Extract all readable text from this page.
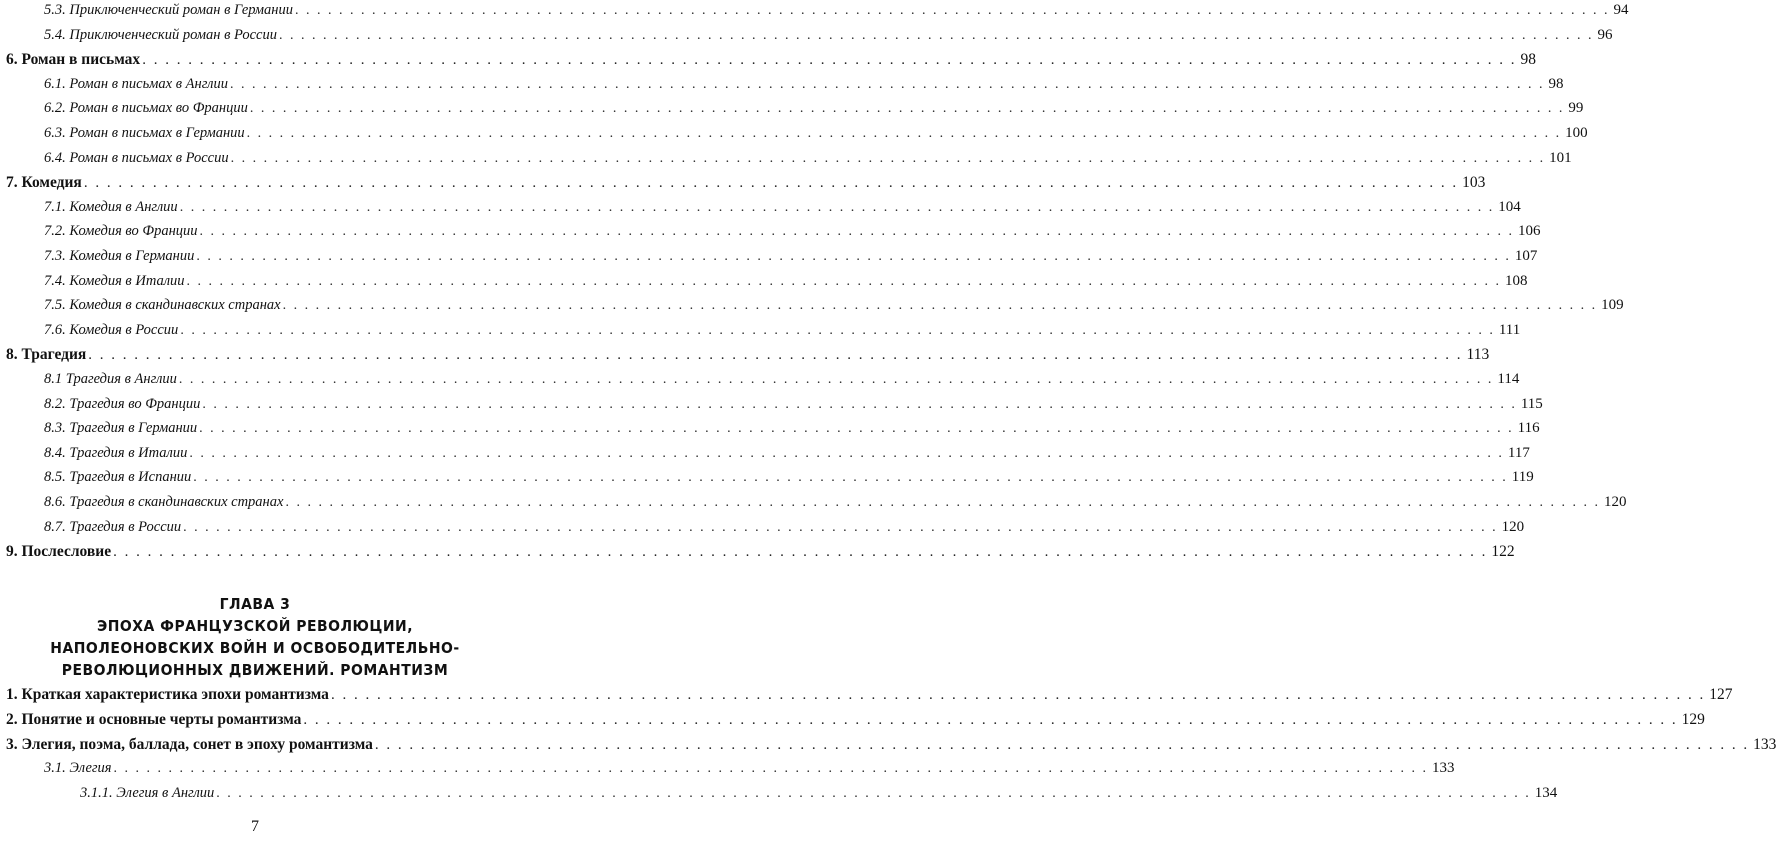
5.3. Приключенческий роман в Германии . . . . . . . . . . . . . . . . . . . . . . . . . . . . . . . . . . . . . . . . . . . . . . . . . . . . . . . . . . . . . . . . . . . . . . . . . . . . . . . . . . . . . . . . . . . . . . . . . . . . . . . . . . . . . . . . . . . . . . . . 94
5.4. Приключенческий роман в России . . . . . . . . . . . . . . . . . . . . . . . . . . . . . . . . . . . . . . . . . . . . . . . . . . . . . . . . . . . . . . . . . . . . . . . . . . . . . . . . . . . . . . . . . . . . . . . . . . . . . . . . . . . . . . . . . . . . . . . . 96
6. Роман в письмах . . . . . . . . . . . . . . . . . . . . . . . . . . . . . . . . . . . . . . . . . . . . . . . . . . . . . . . . . . . . . . . . . . . . . . . . . . . . . . . . . . . . . . . . . . . . . . . . . . . . . . . . . . . . . . . . . . . . . . . . 98
6.1. Роман в письмах в Англии . . . . . . . . . . . . . . . . . . . . . . . . . . . . . . . . . . . . . . . . . . . . . . . . . . . . . . . . . . . . . . . . . . . . . . . . . . . . . . . . . . . . . . . . . . . . . . . . . . . . . . . . . . . . . . . . . . . . . . . . 98
6.2. Роман в письмах во Франции . . . . . . . . . . . . . . . . . . . . . . . . . . . . . . . . . . . . . . . . . . . . . . . . . . . . . . . . . . . . . . . . . . . . . . . . . . . . . . . . . . . . . . . . . . . . . . . . . . . . . . . . . . . . . . . . . . . . . . . . 99
6.3. Роман в письмах в Германии . . . . . . . . . . . . . . . . . . . . . . . . . . . . . . . . . . . . . . . . . . . . . . . . . . . . . . . . . . . . . . . . . . . . . . . . . . . . . . . . . . . . . . . . . . . . . . . . . . . . . . . . . . . . . . . . . . . . . . . . 100
6.4. Роман в письмах в России . . . . . . . . . . . . . . . . . . . . . . . . . . . . . . . . . . . . . . . . . . . . . . . . . . . . . . . . . . . . . . . . . . . . . . . . . . . . . . . . . . . . . . . . . . . . . . . . . . . . . . . . . . . . . . . . . . . . . . . . 101
7. Комедия . . . . . . . . . . . . . . . . . . . . . . . . . . . . . . . . . . . . . . . . . . . . . . . . . . . . . . . . . . . . . . . . . . . . . . . . . . . . . . . . . . . . . . . . . . . . . . . . . . . . . . . . . . . . . . . . . . . . . . . . 103
7.1. Комедия в Англии . . . . . . . . . . . . . . . . . . . . . . . . . . . . . . . . . . . . . . . . . . . . . . . . . . . . . . . . . . . . . . . . . . . . . . . . . . . . . . . . . . . . . . . . . . . . . . . . . . . . . . . . . . . . . . . . . . . . . . . . 104
7.2. Комедия во Франции . . . . . . . . . . . . . . . . . . . . . . . . . . . . . . . . . . . . . . . . . . . . . . . . . . . . . . . . . . . . . . . . . . . . . . . . . . . . . . . . . . . . . . . . . . . . . . . . . . . . . . . . . . . . . . . . . . . . . . . . 106
7.3. Комедия в Германии . . . . . . . . . . . . . . . . . . . . . . . . . . . . . . . . . . . . . . . . . . . . . . . . . . . . . . . . . . . . . . . . . . . . . . . . . . . . . . . . . . . . . . . . . . . . . . . . . . . . . . . . . . . . . . . . . . . . . . . . 107
7.4. Комедия в Италии . . . . . . . . . . . . . . . . . . . . . . . . . . . . . . . . . . . . . . . . . . . . . . . . . . . . . . . . . . . . . . . . . . . . . . . . . . . . . . . . . . . . . . . . . . . . . . . . . . . . . . . . . . . . . . . . . . . . . . . . 108
7.5. Комедия в скандинавских странах . . . . . . . . . . . . . . . . . . . . . . . . . . . . . . . . . . . . . . . . . . . . . . . . . . . . . . . . . . . . . . . . . . . . . . . . . . . . . . . . . . . . . . . . . . . . . . . . . . . . . . . . . . . . . . . . . . . . . . . . 109
7.6. Комедия в России . . . . . . . . . . . . . . . . . . . . . . . . . . . . . . . . . . . . . . . . . . . . . . . . . . . . . . . . . . . . . . . . . . . . . . . . . . . . . . . . . . . . . . . . . . . . . . . . . . . . . . . . . . . . . . . . . . . . . . . . 111
8. Трагедия . . . . . . . . . . . . . . . . . . . . . . . . . . . . . . . . . . . . . . . . . . . . . . . . . . . . . . . . . . . . . . . . . . . . . . . . . . . . . . . . . . . . . . . . . . . . . . . . . . . . . . . . . . . . . . . . . . . . . . . . 113
8.1 Трагедия в Англии . . . . . . . . . . . . . . . . . . . . . . . . . . . . . . . . . . . . . . . . . . . . . . . . . . . . . . . . . . . . . . . . . . . . . . . . . . . . . . . . . . . . . . . . . . . . . . . . . . . . . . . . . . . . . . . . . . . . . . . . 114
8.2. Трагедия во Франции . . . . . . . . . . . . . . . . . . . . . . . . . . . . . . . . . . . . . . . . . . . . . . . . . . . . . . . . . . . . . . . . . . . . . . . . . . . . . . . . . . . . . . . . . . . . . . . . . . . . . . . . . . . . . . . . . . . . . . . . 115
8.3. Трагедия в Германии . . . . . . . . . . . . . . . . . . . . . . . . . . . . . . . . . . . . . . . . . . . . . . . . . . . . . . . . . . . . . . . . . . . . . . . . . . . . . . . . . . . . . . . . . . . . . . . . . . . . . . . . . . . . . . . . . . . . . . . . 116
8.4. Трагедия в Италии . . . . . . . . . . . . . . . . . . . . . . . . . . . . . . . . . . . . . . . . . . . . . . . . . . . . . . . . . . . . . . . . . . . . . . . . . . . . . . . . . . . . . . . . . . . . . . . . . . . . . . . . . . . . . . . . . . . . . . . . 117
8.5. Трагедия в Испании . . . . . . . . . . . . . . . . . . . . . . . . . . . . . . . . . . . . . . . . . . . . . . . . . . . . . . . . . . . . . . . . . . . . . . . . . . . . . . . . . . . . . . . . . . . . . . . . . . . . . . . . . . . . . . . . . . . . . . . . 119
8.6. Трагедия в скандинавских странах . . . . . . . . . . . . . . . . . . . . . . . . . . . . . . . . . . . . . . . . . . . . . . . . . . . . . . . . . . . . . . . . . . . . . . . . . . . . . . . . . . . . . . . . . . . . . . . . . . . . . . . . . . . . . . . . . . . . . . . . 120
8.7. Трагедия в России . . . . . . . . . . . . . . . . . . . . . . . . . . . . . . . . . . . . . . . . . . . . . . . . . . . . . . . . . . . . . . . . . . . . . . . . . . . . . . . . . . . . . . . . . . . . . . . . . . . . . . . . . . . . . . . . . . . . . . . . 120
9. Послесловие . . . . . . . . . . . . . . . . . . . . . . . . . . . . . . . . . . . . . . . . . . . . . . . . . . . . . . . . . . . . . . . . . . . . . . . . . . . . . . . . . . . . . . . . . . . . . . . . . . . . . . . . . . . . . . . . . . . . . . . . 122
1. Краткая характеристика эпохи романтизма . . . . . . . . . . . . . . . . . . . . . . . . . . . . . . . . . . . . . . . . . . . . . . . . . . . . . . . . . . . . . . . . . . . . . . . . . . . . . . . . . . . . . . . . . . . . . . . . . . . . . . . . . . . . . . . . . . . . . . . . 127
2. Понятие и основные черты романтизма . . . . . . . . . . . . . . . . . . . . . . . . . . . . . . . . . . . . . . . . . . . . . . . . . . . . . . . . . . . . . . . . . . . . . . . . . . . . . . . . . . . . . . . . . . . . . . . . . . . . . . . . . . . . . . . . . . . . . . . . 129
3. Элегия, поэма, баллада, сонет в эпоху романтизма . . . . . . . . . . . . . . . . . . . . . . . . . . . . . . . . . . . . . . . . . . . . . . . . . . . . . . . . . . . . . . . . . . . . . . . . . . . . . . . . . . . . . . . . . . . . . . . . . . . . . . . . . . . . . . . . . . . . . . . . 133
3.1. Элегия . . . . . . . . . . . . . . . . . . . . . . . . . . . . . . . . . . . . . . . . . . . . . . . . . . . . . . . . . . . . . . . . . . . . . . . . . . . . . . . . . . . . . . . . . . . . . . . . . . . . . . . . . . . . . . . . . . . . . . . . 133
3.1.1. Элегия в Англии . . . . . . . . . . . . . . . . . . . . . . . . . . . . . . . . . . . . . . . . . . . . . . . . . . . . . . . . . . . . . . . . . . . . . . . . . . . . . . . . . . . . . . . . . . . . . . . . . . . . . . . . . . . . . . . . . . . . . . . . 134
ГЛАВА 3
ЭПОХА ФРАНЦУЗСКОЙ РЕВОЛЮЦИИ,
НАПОЛЕОНОВСКИХ ВОЙН И ОСВОБОДИТЕЛЬНО-
РЕВОЛЮЦИОННЫХ ДВИЖЕНИЙ. РОМАНТИЗМ
7
